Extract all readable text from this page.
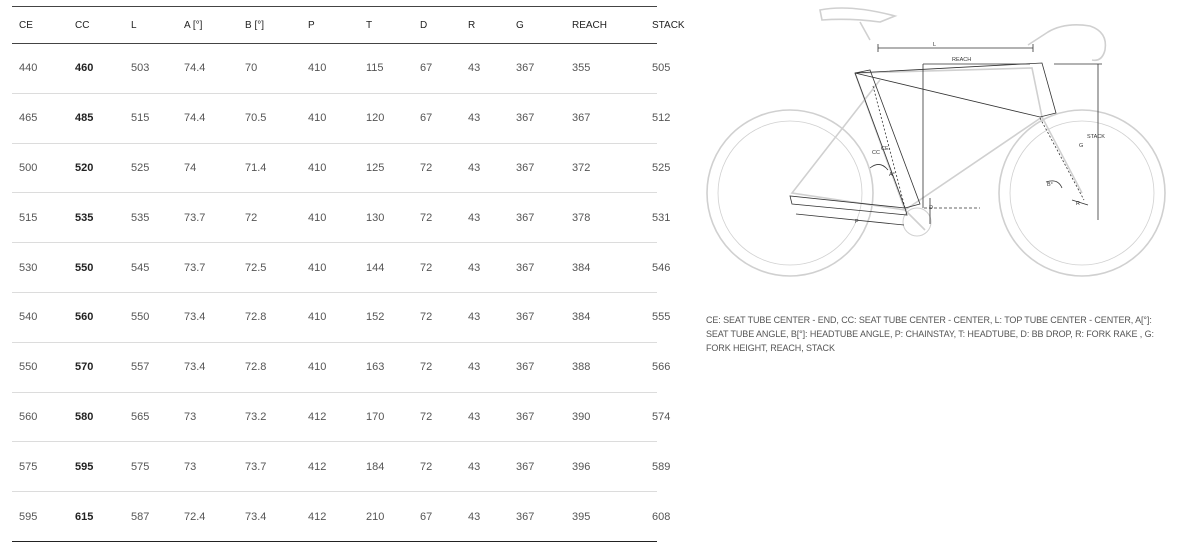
CE	CC	L	A [°]	B [°]	P	T	D	R	G	REACH	STACK
440	460	503	74.4	70	410	115	67	43	367	355	505
465	485	515	74.4	70.5	410	120	67	43	367	367	512
500	520	525	74	71.4	410	125	72	43	367	372	525
515	535	535	73.7	72	410	130	72	43	367	378	531
530	550	545	73.7	72.5	410	144	72	43	367	384	546
540	560	550	73.4	72.8	410	152	72	43	367	384	555
550	570	557	73.4	72.8	410	163	72	43	367	388	566
560	580	565	73	73.2	412	170	72	43	367	390	574
575	595	575	73	73.7	412	184	72	43	367	396	589
595	615	587	72.4	73.4	412	210	67	43	367	395	608
L
REACH
STACK
CC
CE
A°
B°
P
D
R
G
CE: SEAT TUBE CENTER - END, CC: SEAT TUBE CENTER - CENTER, L: TOP TUBE CENTER - CENTER, A[°]: SEAT TUBE ANGLE, B[°]: HEADTUBE ANGLE, P: CHAINSTAY, T: HEADTUBE, D: BB DROP, R: FORK RAKE , G: FORK HEIGHT, REACH, STACK
